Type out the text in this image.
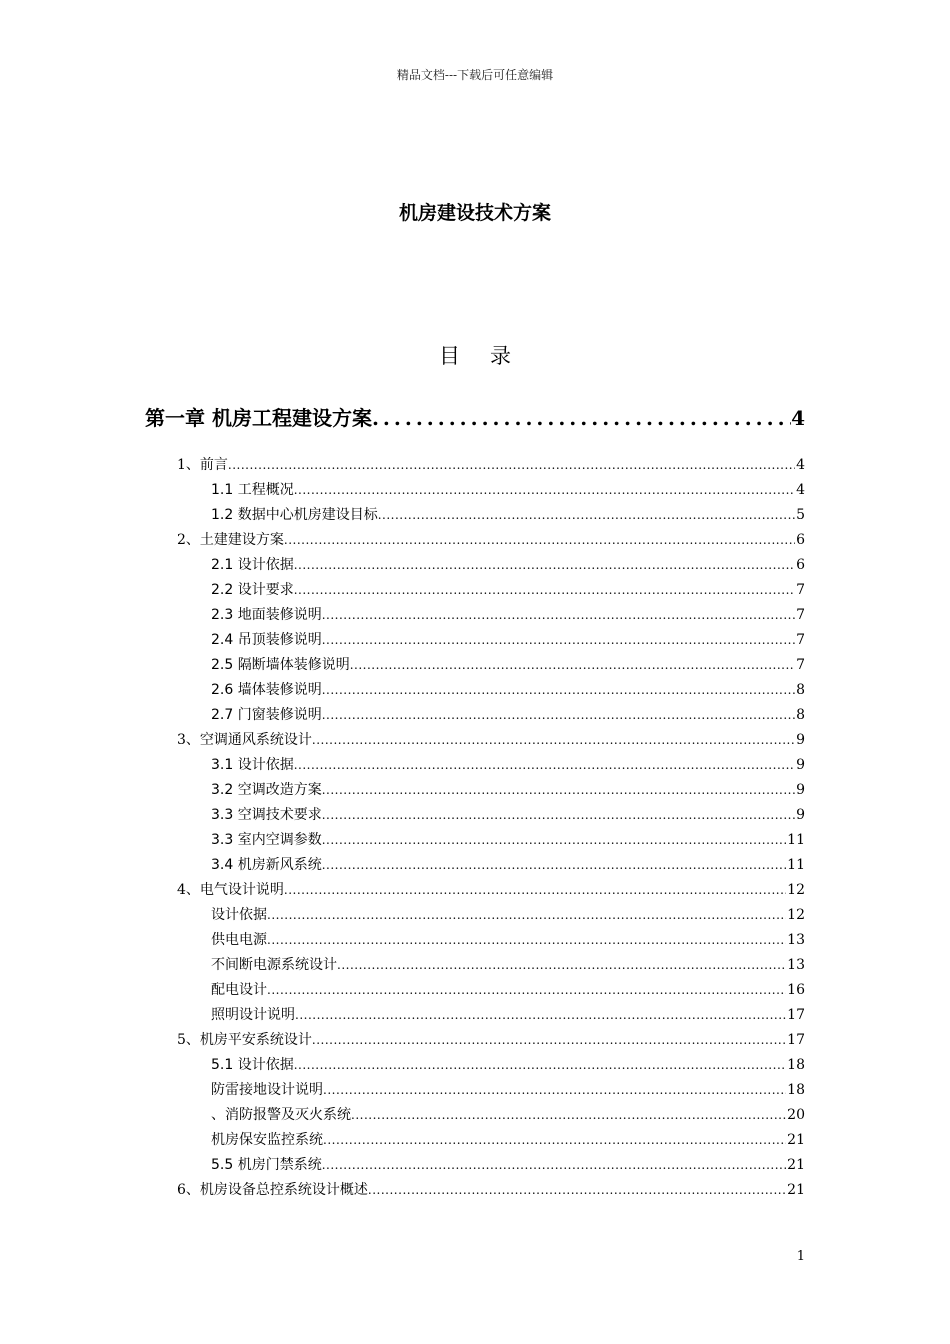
精品文档---下载后可任意编辑
机房建设技术方案
目录
第一章 机房工程建设方案 .....	4
1、前言 .....	4
1.1 工程概况 .....	4
1.2 数据中心机房建设目标 .....	5
2、土建建设方案 .....	6
2.1 设计依据 .....	6
2.2 设计要求 .....	7
2.3 地面装修说明 .....	7
2.4 吊顶装修说明 .....	7
2.5 隔断墙体装修说明 .....	7
2.6 墙体装修说明 .....	8
2.7 门窗装修说明 .....	8
3、空调通风系统设计 .....	9
3.1 设计依据 .....	9
3.2 空调改造方案 .....	9
3.3 空调技术要求 .....	9
3.3 室内空调参数 .....	11
3.4 机房新风系统 .....	11
4、电气设计说明 .....	12
设计依据 .....	12
供电电源 .....	13
不间断电源系统设计 .....	13
配电设计 .....	16
照明设计说明 .....	17
5、机房平安系统设计 .....	17
5.1 设计依据 .....	18
防雷接地设计说明 .....	18
、消防报警及灭火系统 .....	20
机房保安监控系统 .....	21
5.5 机房门禁系统 .....	21
6、机房设备总控系统设计概述 .....	21
1
